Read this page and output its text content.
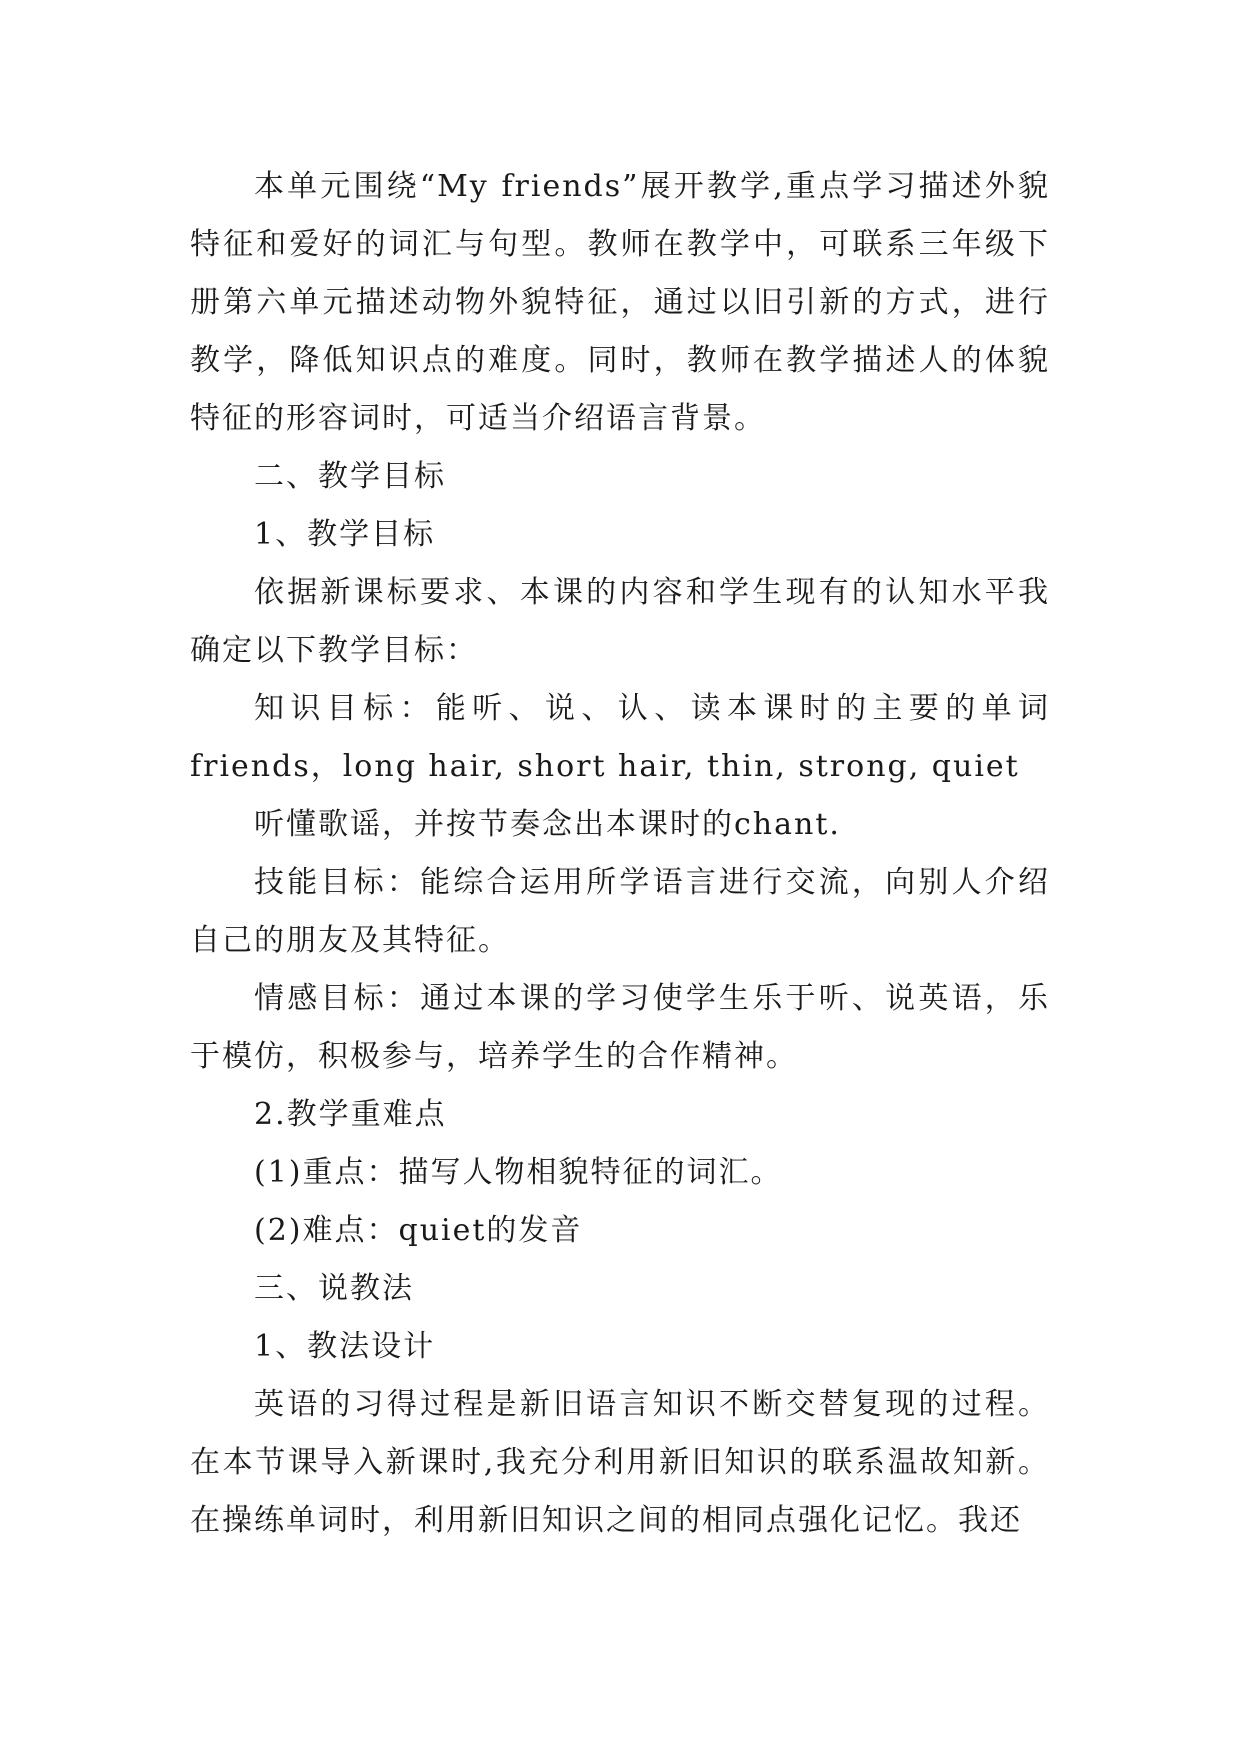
本单元围绕“My friends”展开教学,重点学习描述外貌特征和爱好的词汇与句型。教师在教学中，可联系三年级下册第六单元描述动物外貌特征，通过以旧引新的方式，进行教学，降低知识点的难度。同时，教师在教学描述人的体貌特征的形容词时，可适当介绍语言背景。

二、教学目标

1、教学目标

依据新课标要求、本课的内容和学生现有的认知水平我确定以下教学目标：

知识目标：能听、说、认、读本课时的主要的单词friends，long hair, short hair, thin, strong, quiet

听懂歌谣，并按节奏念出本课时的chant.

技能目标：能综合运用所学语言进行交流，向别人介绍自己的朋友及其特征。

情感目标：通过本课的学习使学生乐于听、说英语，乐于模仿，积极参与，培养学生的合作精神。

2.教学重难点

(1)重点：描写人物相貌特征的词汇。

(2)难点：quiet的发音

三、说教法

1、教法设计

英语的习得过程是新旧语言知识不断交替复现的过程。在本节课导入新课时,我充分利用新旧知识的联系温故知新。在操练单词时，利用新旧知识之间的相同点强化记忆。我还
